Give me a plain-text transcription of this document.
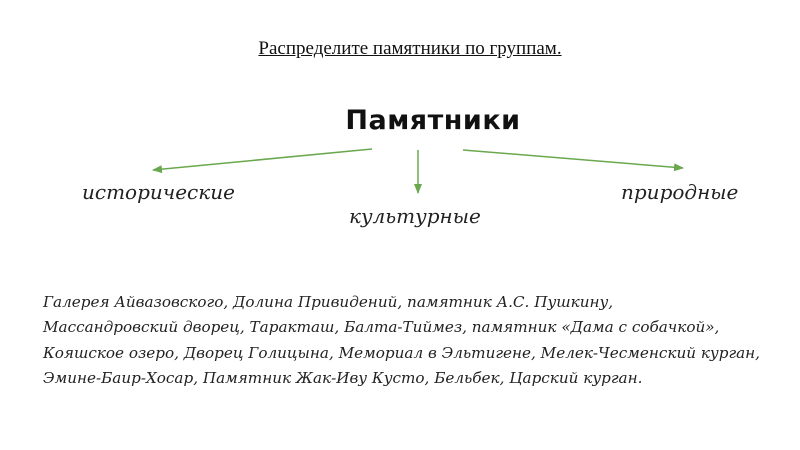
Распределите памятники по группам.
Памятники
исторические
культурные
природные
Галерея Айвазовского, Долина Привидений, памятник А.С. Пушкину,
Массандровский дворец, Таракташ, Балта-Тиймез, памятник «Дама с собачкой»,
Кояшское озеро, Дворец Голицына, Мемориал в Эльтигене, Мелек-Чесменский курган,
Эмине-Баир-Хосар, Памятник Жак-Иву Кусто, Бельбек, Царский курган.
